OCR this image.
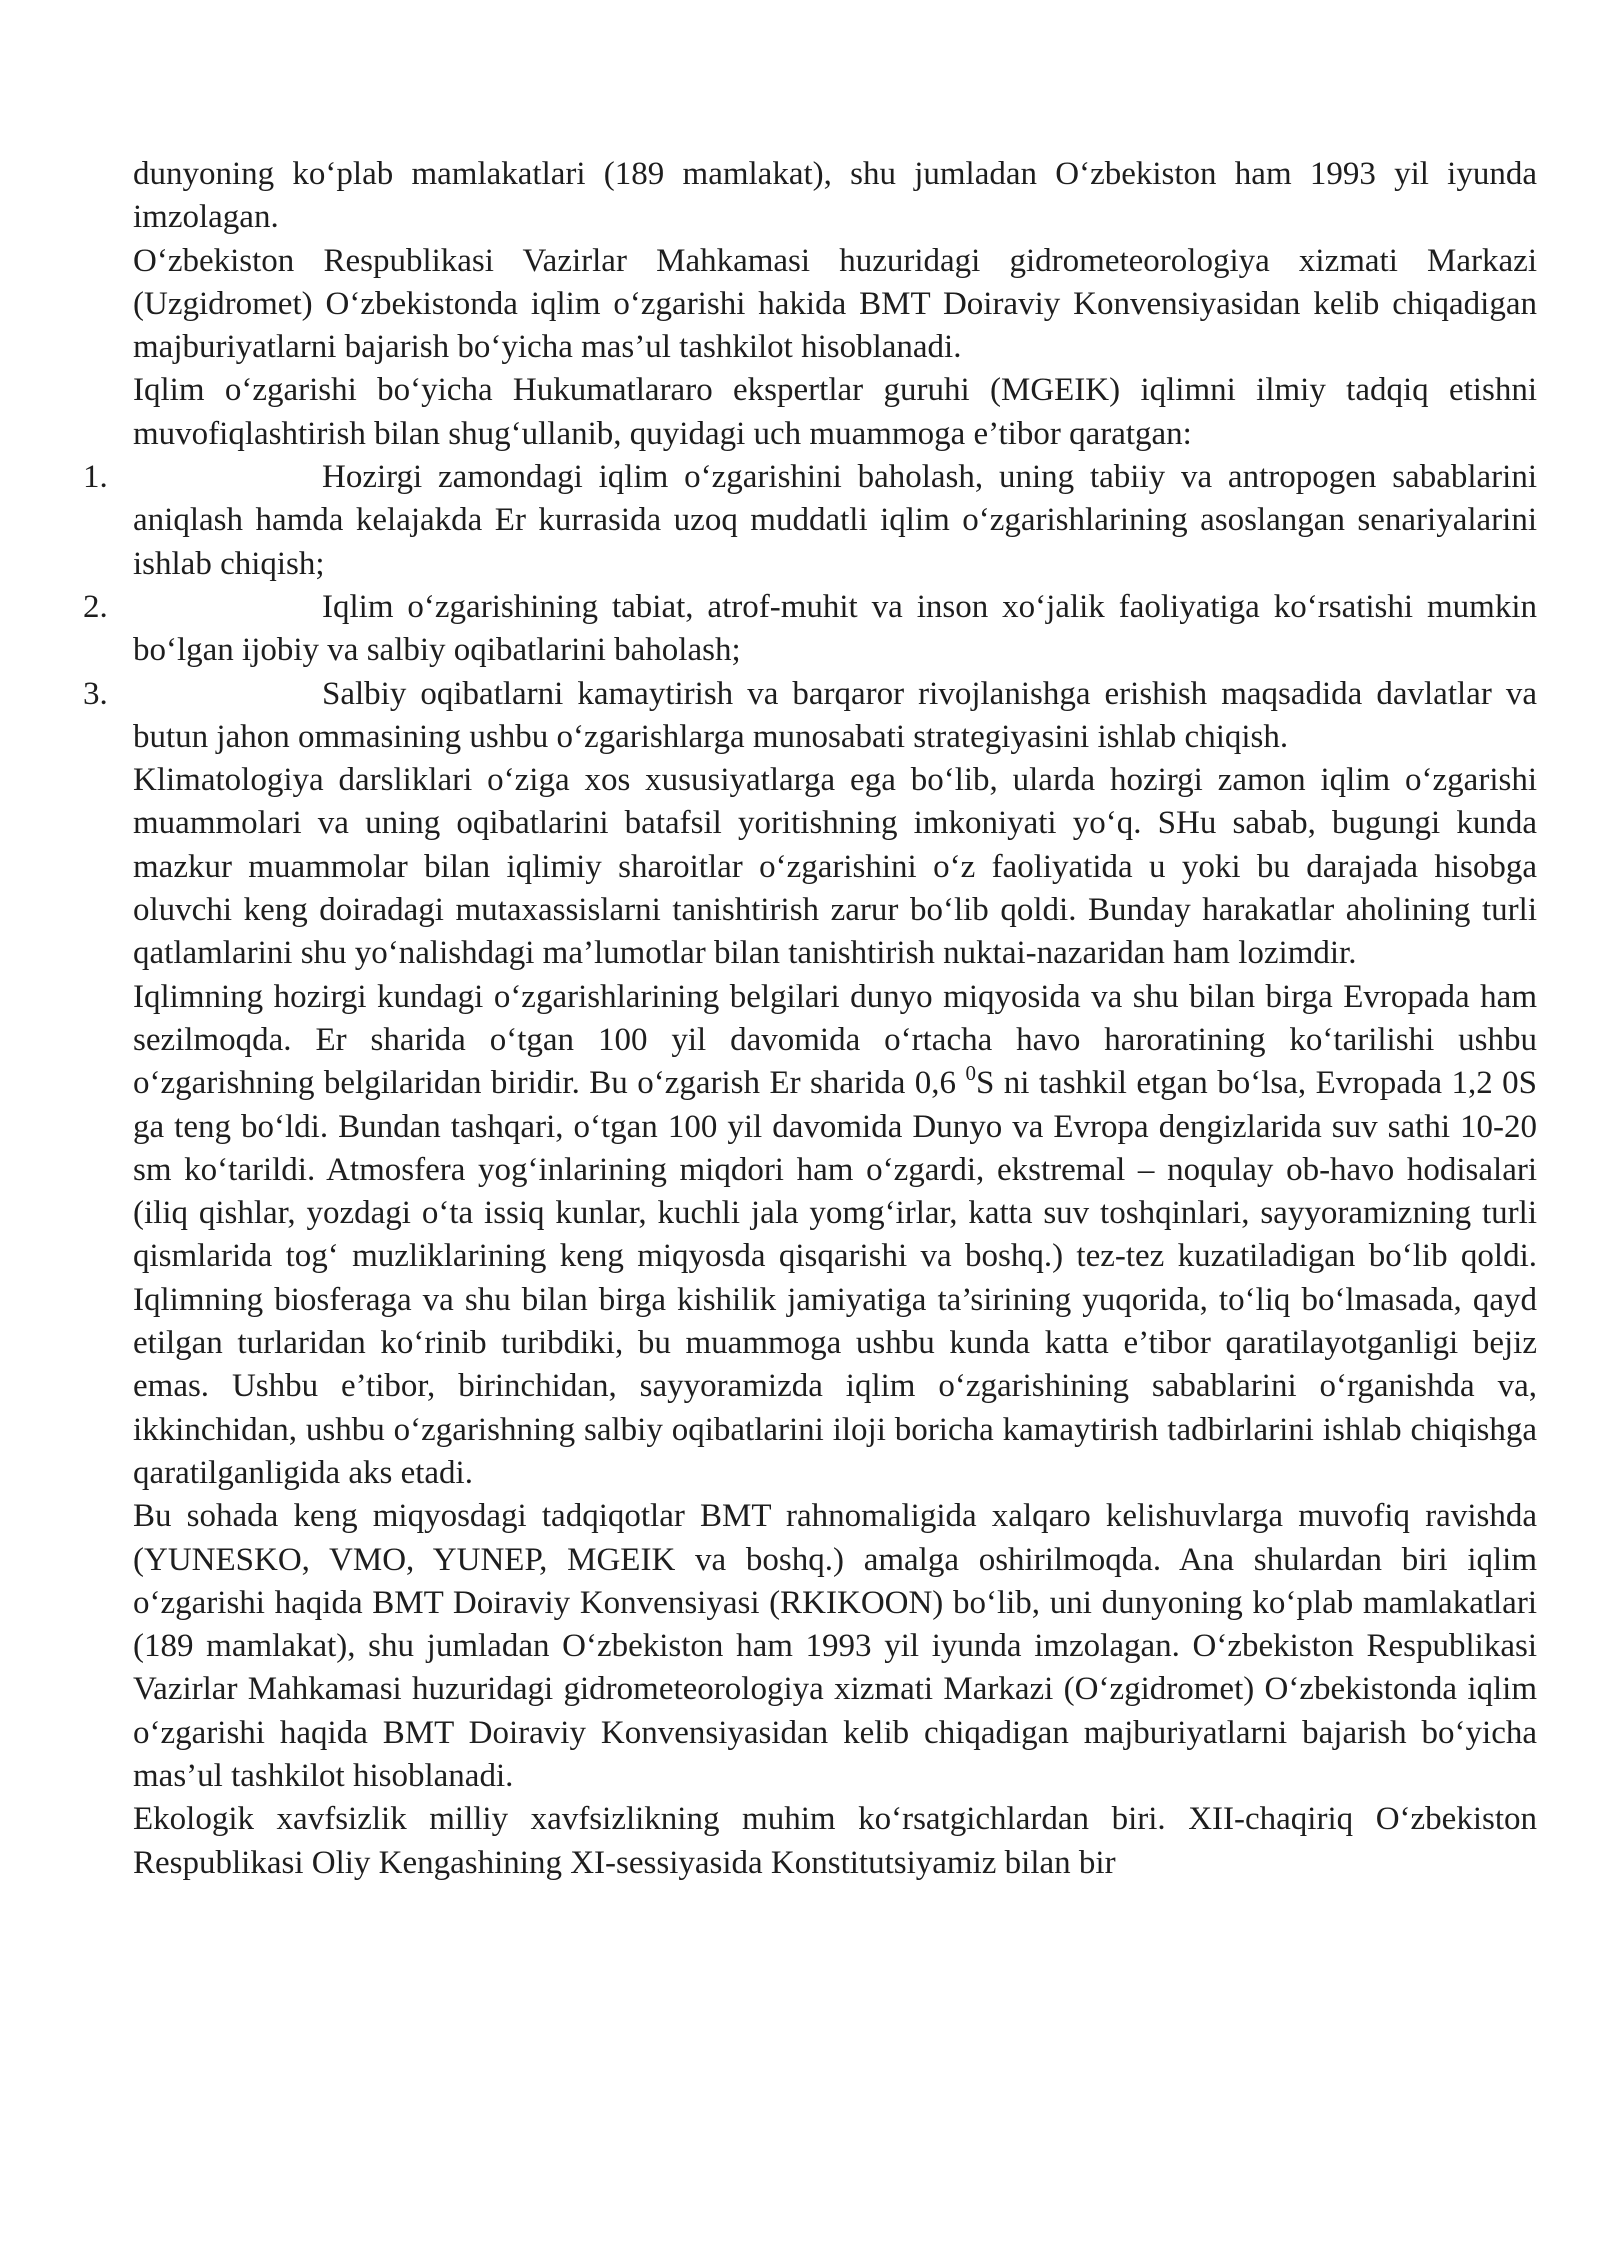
dunyoning ko‘plab mamlakatlari (189 mamlakat), shu jumladan O‘zbekiston ham 1993 yil iyunda imzolagan.

O‘zbekiston Respublikasi Vazirlar Mahkamasi huzuridagi gidrometeorologiya xizmati Markazi (Uzgidromet) O‘zbekistonda iqlim o‘zgarishi hakida BMT Doiraviy Konvensiyasidan kelib chiqadigan majburiyatlarni bajarish bo‘yicha mas’ul tashkilot hisoblanadi.

Iqlim o‘zgarishi bo‘yicha Hukumatlararo ekspertlar guruhi (MGEIK) iqlimni ilmiy tadqiq etishni muvofiqlashtirish bilan shug‘ullanib, quyidagi uch muammoga e’tibor qaratgan:

1.	Hozirgi zamondagi iqlim o‘zgarishini baholash, uning tabiiy va antropogen sabablarini aniqlash hamda kelajakda Er kurrasida uzoq muddatli iqlim o‘zgarishlarining asoslangan senariyalarini ishlab chiqish;

2.	Iqlim o‘zgarishining tabiat, atrof-muhit va inson xo‘jalik faoliyatiga ko‘rsatishi mumkin bo‘lgan ijobiy va salbiy oqibatlarini baholash;

3.	Salbiy oqibatlarni kamaytirish va barqaror rivojlanishga erishish maqsadida davlatlar va butun jahon ommasining ushbu o‘zgarishlarga munosabati strategiyasini ishlab chiqish.

Klimatologiya darsliklari o‘ziga xos xususiyatlarga ega bo‘lib, ularda hozirgi zamon iqlim o‘zgarishi muammolari va uning oqibatlarini batafsil yoritishning imkoniyati yo‘q. SHu sabab, bugungi kunda mazkur muammolar bilan iqlimiy sharoitlar o‘zgarishini o‘z faoliyatida u yoki bu darajada hisobga oluvchi keng doiradagi mutaxassislarni tanishtirish zarur bo‘lib qoldi. Bunday harakatlar aholining turli qatlamlarini shu yo‘nalishdagi ma’lumotlar bilan tanishtirish nuktai-nazaridan ham lozimdir.

Iqlimning hozirgi kundagi o‘zgarishlarining belgilari dunyo miqyosida va shu bilan birga Evropada ham sezilmoqda. Er sharida o‘tgan 100 yil davomida o‘rtacha havo haroratining ko‘tarilishi ushbu o‘zgarishning belgilaridan biridir. Bu o‘zgarish Er sharida 0,6 $^0$S ni tashkil etgan bo‘lsa, Evropada 1,2 0S ga teng bo‘ldi. Bundan tashqari, o‘tgan 100 yil davomida Dunyo va Evropa dengizlarida suv sathi 10-20 sm ko‘tarildi. Atmosfera yog‘inlarining miqdori ham o‘zgardi, ekstremal – noqulay ob-havo hodisalari (iliq qishlar, yozdagi o‘ta issiq kunlar, kuchli jala yomg‘irlar, katta suv toshqinlari, sayyoramizning turli qismlarida tog‘ muzliklarining keng miqyosda qisqarishi va boshq.) tez-tez kuzatiladigan bo‘lib qoldi. Iqlimning biosferaga va shu bilan birga kishilik jamiyatiga ta’sirining yuqorida, to‘liq bo‘lmasada, qayd etilgan turlaridan ko‘rinib turibdiki, bu muammoga ushbu kunda katta e’tibor qaratilayotganligi bejiz emas. Ushbu e’tibor, birinchidan, sayyoramizda iqlim o‘zgarishining sabablarini o‘rganishda va, ikkinchidan, ushbu o‘zgarishning salbiy oqibatlarini iloji boricha kamaytirish tadbirlarini ishlab chiqishga qaratilganligida aks etadi.

Bu sohada keng miqyosdagi tadqiqotlar BMT rahnomaligida xalqaro kelishuvlarga muvofiq ravishda (YUNESKO, VMO, YUNEP, MGEIK va boshq.) amalga oshirilmoqda. Ana shulardan biri iqlim o‘zgarishi haqida BMT Doiraviy Konvensiyasi (RKIKOON) bo‘lib, uni dunyoning ko‘plab mamlakatlari (189 mamlakat), shu jumladan O‘zbekiston ham 1993 yil iyunda imzolagan. O‘zbekiston Respublikasi Vazirlar Mahkamasi huzuridagi gidrometeorologiya xizmati Markazi (O‘zgidromet) O‘zbekistonda iqlim o‘zgarishi haqida BMT Doiraviy Konvensiyasidan kelib chiqadigan majburiyatlarni bajarish bo‘yicha mas’ul tashkilot hisoblanadi.

Ekologik xavfsizlik milliy xavfsizlikning muhim ko‘rsatgichlardan biri. XII-chaqiriq O‘zbekiston Respublikasi Oliy Kengashining XI-sessiyasida Konstitutsiyamiz bilan bir
